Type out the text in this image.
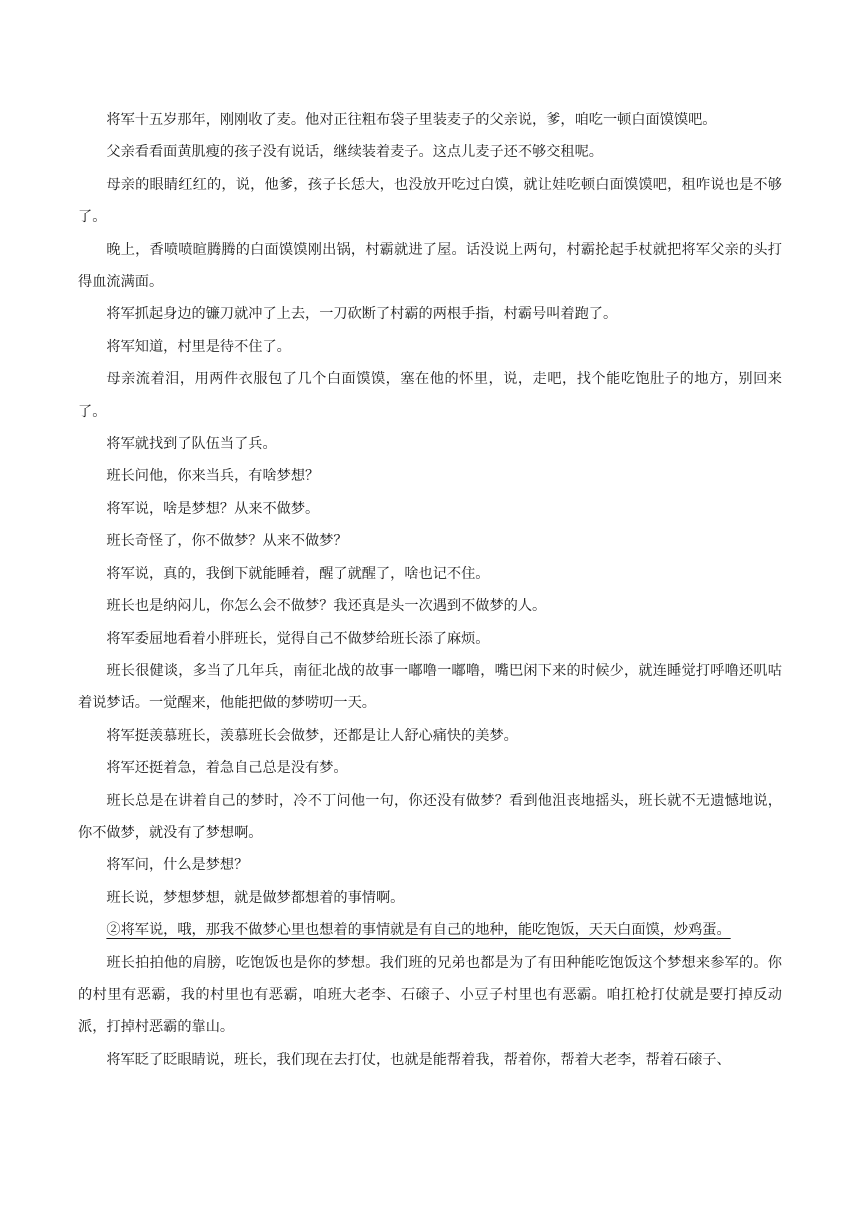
将军十五岁那年，刚刚收了麦。他对正往粗布袋子里装麦子的父亲说，爹，咱吃一顿白面馍馍吧。

父亲看看面黄肌瘦的孩子没有说话，继续装着麦子。这点儿麦子还不够交租呢。

母亲的眼睛红红的，说，他爹，孩子长恁大，也没放开吃过白馍，就让娃吃顿白面馍馍吧，租咋说也是不够了。

晚上，香喷喷暄腾腾的白面馍馍刚出锅，村霸就进了屋。话没说上两句，村霸抡起手杖就把将军父亲的头打得血流满面。

将军抓起身边的镰刀就冲了上去，一刀砍断了村霸的两根手指，村霸号叫着跑了。

将军知道，村里是待不住了。

母亲流着泪，用两件衣服包了几个白面馍馍，塞在他的怀里，说，走吧，找个能吃饱肚子的地方，别回来了。

将军就找到了队伍当了兵。

班长问他，你来当兵，有啥梦想？

将军说，啥是梦想？从来不做梦。

班长奇怪了，你不做梦？从来不做梦？

将军说，真的，我倒下就能睡着，醒了就醒了，啥也记不住。

班长也是纳闷儿，你怎么会不做梦？我还真是头一次遇到不做梦的人。

将军委屈地看着小胖班长，觉得自己不做梦给班长添了麻烦。

班长很健谈，多当了几年兵，南征北战的故事一嘟噜一嘟噜，嘴巴闲下来的时候少，就连睡觉打呼噜还叽咕着说梦话。一觉醒来，他能把做的梦唠叨一天。

将军挺羡慕班长，羡慕班长会做梦，还都是让人舒心痛快的美梦。

将军还挺着急，着急自己总是没有梦。

班长总是在讲着自己的梦时，冷不丁问他一句，你还没有做梦？看到他沮丧地摇头，班长就不无遗憾地说，你不做梦，就没有了梦想啊。

将军问，什么是梦想？

班长说，梦想梦想，就是做梦都想着的事情啊。

②将军说，哦，那我不做梦心里也想着的事情就是有自己的地种，能吃饱饭，天天白面馍，炒鸡蛋。

班长拍拍他的肩膀，吃饱饭也是你的梦想。我们班的兄弟也都是为了有田种能吃饱饭这个梦想来参军的。你的村里有恶霸，我的村里也有恶霸，咱班大老李、石磙子、小豆子村里也有恶霸。咱扛枪打仗就是要打掉反动派，打掉村恶霸的靠山。

将军眨了眨眼睛说，班长，我们现在去打仗，也就是能帮着我，帮着你，帮着大老李，帮着石磙子、
